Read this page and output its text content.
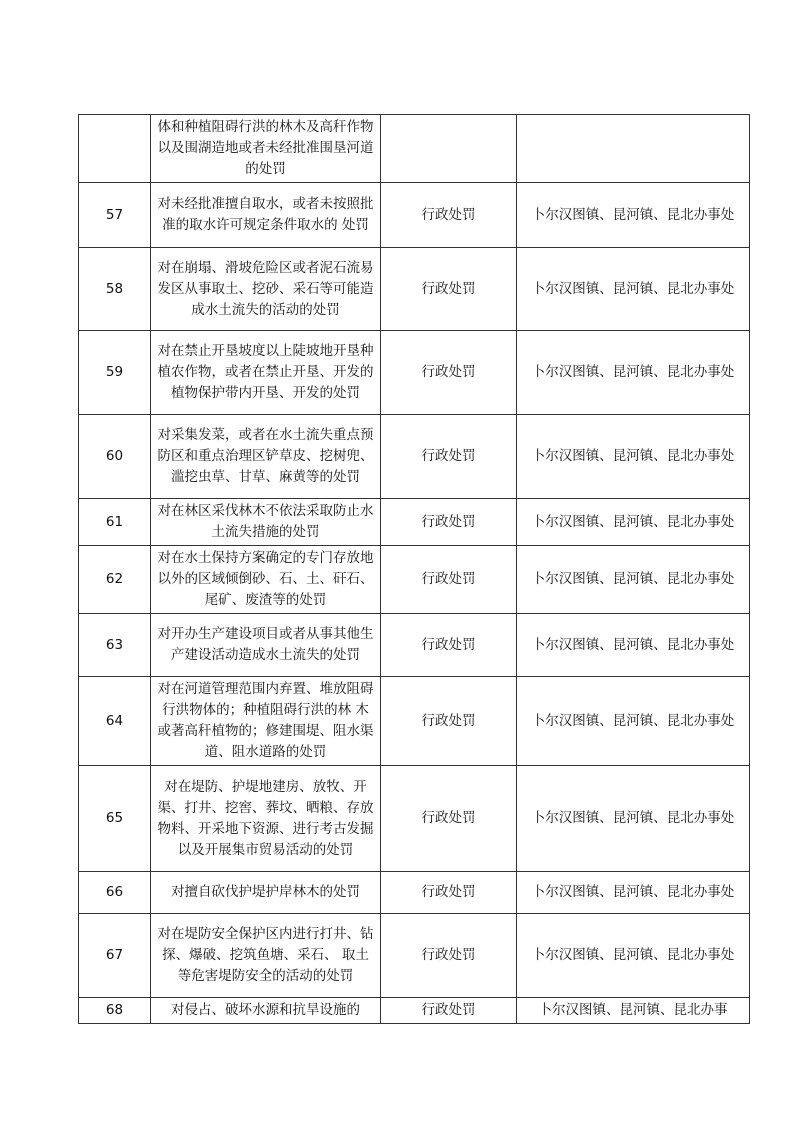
	体和种植阻碍行洪的林木及高秆作物 以及围湖造地或者未经批准围垦河道的处罚		
57	对未经批准擅自取水，或者未按照批准的取水许可规定条件取水的 处罚	行政处罚	卜尔汉图镇、昆河镇、昆北办事处
58	对在崩塌、滑坡危险区或者泥石流易发区从事取土、挖砂、采石等可能造成水土流失的活动的处罚	行政处罚	卜尔汉图镇、昆河镇、昆北办事处
59	对在禁止开垦坡度以上陡坡地开垦种植农作物，或者在禁止开垦、开发的植物保护带内开垦、开发的处罚	行政处罚	卜尔汉图镇、昆河镇、昆北办事处
60	对采集发菜，或者在水土流失重点预防区和重点治理区铲草皮、挖树兜、滥挖虫草、甘草、麻黄等的处罚	行政处罚	卜尔汉图镇、昆河镇、昆北办事处
61	对在林区采伐林木不依法采取防止水土流失措施的处罚	行政处罚	卜尔汉图镇、昆河镇、昆北办事处
62	对在水土保持方案确定的专门存放地以外的区域倾倒砂、石、土、矸石、尾矿、废渣等的处罚	行政处罚	卜尔汉图镇、昆河镇、昆北办事处
63	对开办生产建设项目或者从事其他生产建设活动造成水土流失的处罚	行政处罚	卜尔汉图镇、昆河镇、昆北办事处
64	对在河道管理范围内弃置、堆放阻碍行洪物体的；种植阻碍行洪的林 木或著高秆植物的；修建围堤、阻水渠道、阻水道路的处罚	行政处罚	卜尔汉图镇、昆河镇、昆北办事处
65	对在堤防、护堤地建房、放牧、开渠、打井、挖窖、葬坟、晒粮、存放物料、开采地下资源、进行考古发掘以及开展集市贸易活动的处罚	行政处罚	卜尔汉图镇、昆河镇、昆北办事处
66	对擅自砍伐护堤护岸林木的处罚	行政处罚	卜尔汉图镇、昆河镇、昆北办事处
67	对在堤防安全保护区内进行打井、钻探、爆破、挖筑鱼塘、采石、 取土等危害堤防安全的活动的处罚	行政处罚	卜尔汉图镇、昆河镇、昆北办事处
68	对侵占、破坏水源和抗旱设施的	行政处罚	卜尔汉图镇、昆河镇、昆北办事
